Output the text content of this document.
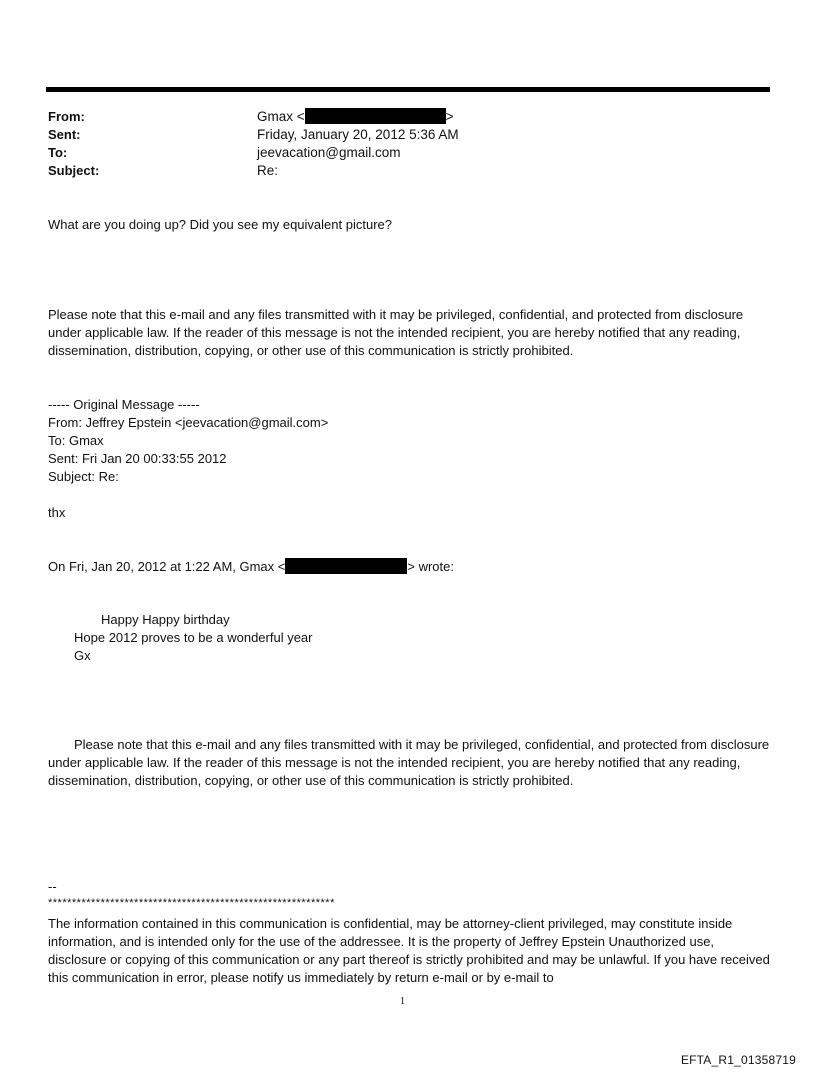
From:
Sent:
To:
Subject:
Gmax <	>
Friday, January 20, 2012 5:36 AM
jeevacation@gmail.com
Re:
What are you doing up? Did you see my equivalent picture?
Please note that this e-mail and any files transmitted with it may be privileged, confidential, and protected from disclosure under applicable law. If the reader of this message is not the intended recipient, you are hereby notified that any reading, dissemination, distribution, copying, or other use of this communication is strictly prohibited.
----- Original Message -----
From: Jeffrey Epstein <jeevacation@gmail.com>
To: Gmax
Sent: Fri Jan 20 00:33:55 2012
Subject: Re:
thx
On Fri, Jan 20, 2012 at 1:22 AM, Gmax <	> wrote:
Happy Happy birthday
Hope 2012 proves to be a wonderful year
Gx
Please note that this e-mail and any files transmitted with it may be privileged, confidential, and protected from disclosure under applicable law. If the reader of this message is not the intended recipient, you are hereby notified that any reading, dissemination, distribution, copying, or other use of this communication is strictly prohibited.
--
************************************************************
The information contained in this communication is confidential, may be attorney-client privileged, may constitute inside information, and is intended only for the use of the addressee. It is the property of Jeffrey Epstein Unauthorized use, disclosure or copying of this communication or any part thereof is strictly prohibited and may be unlawful. If you have received this communication in error, please notify us immediately by return e-mail or by e-mail to
1
EFTA_R1_01358719
